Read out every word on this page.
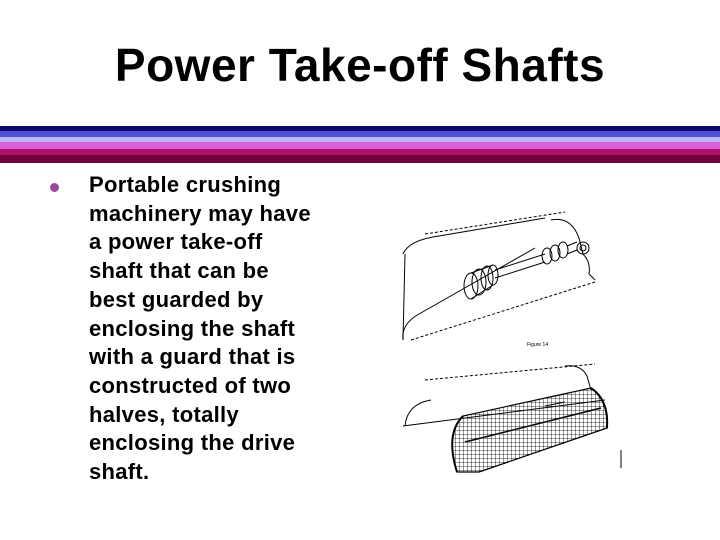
Power Take-off Shafts

Portable crushing
machinery may have
a power take-off
shaft that can be
best guarded by
enclosing the shaft
with a guard that is
constructed of two
halves, totally
enclosing the drive
shaft.

Figure 14
